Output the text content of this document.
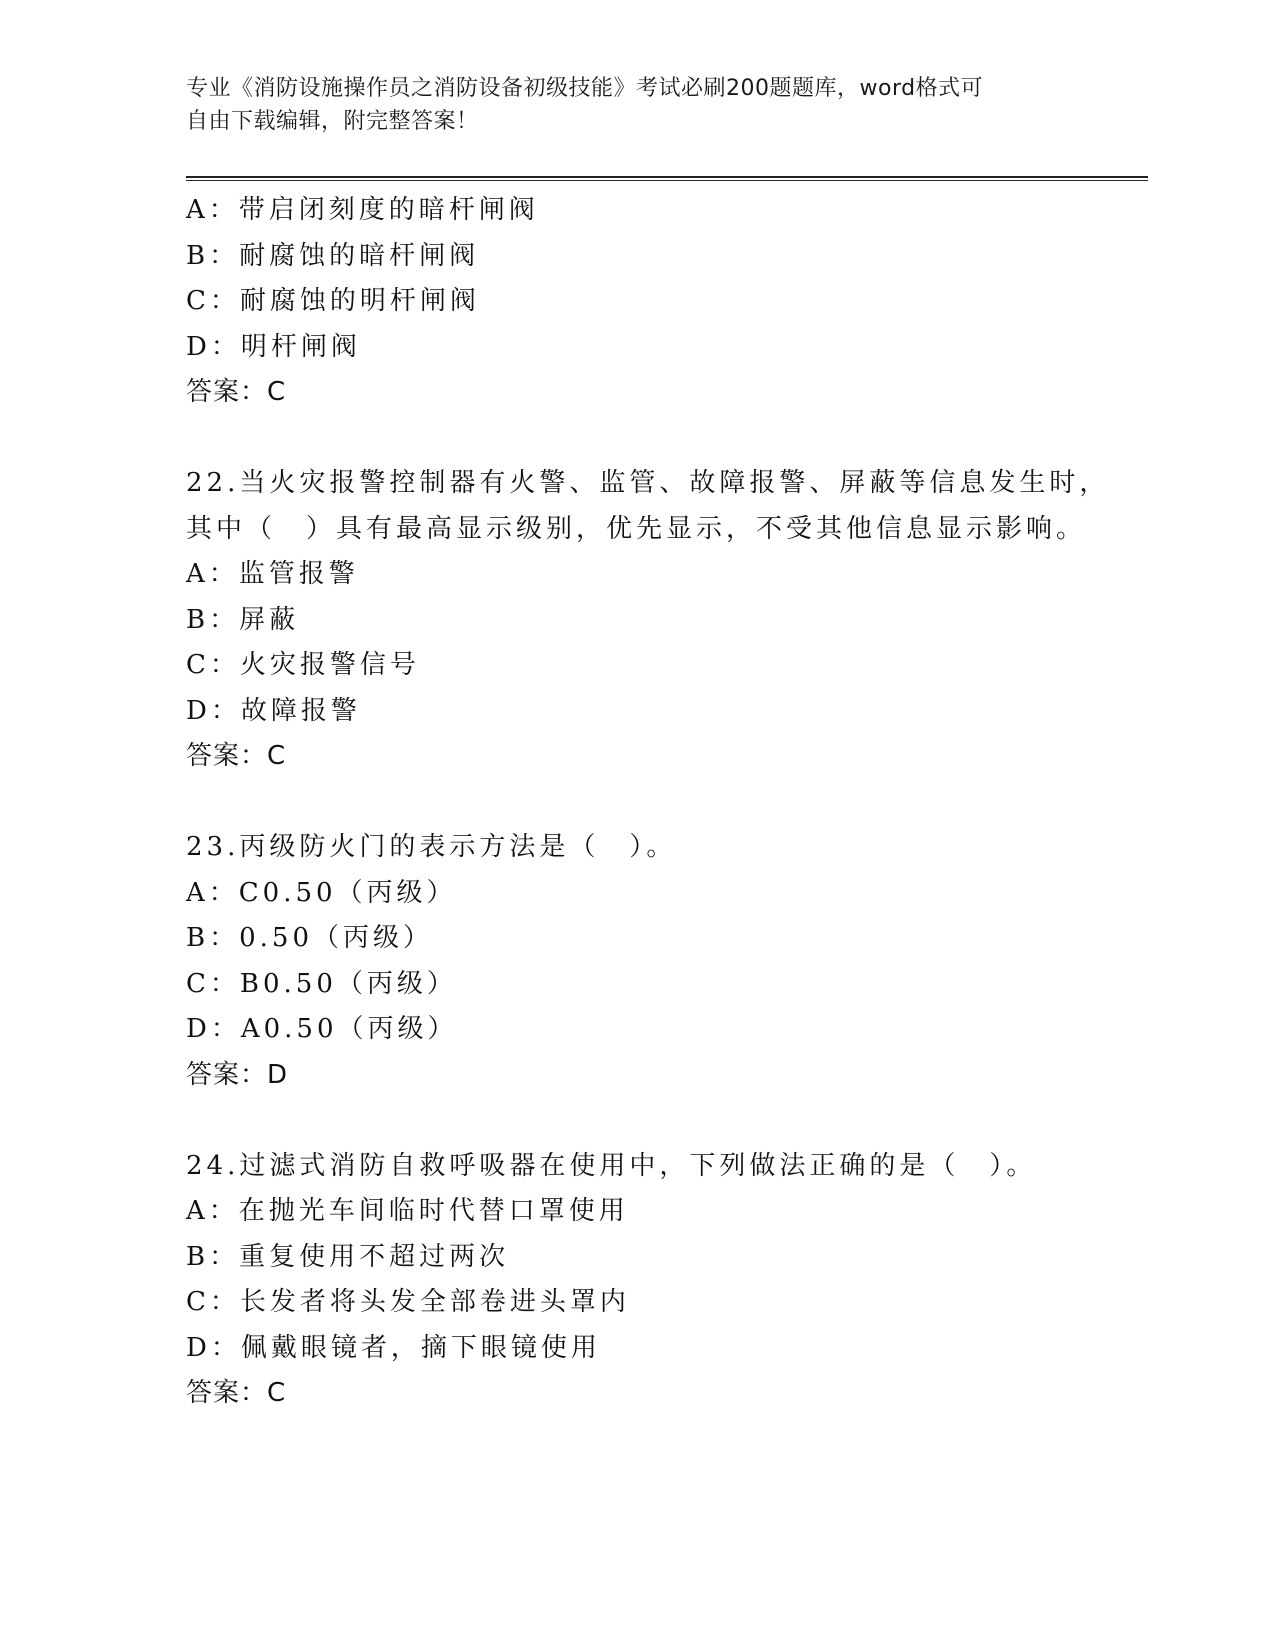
专业《消防设施操作员之消防设备初级技能》考试必刷200题题库，word格式可
自由下载编辑，附完整答案！
A：带启闭刻度的暗杆闸阀
B：耐腐蚀的暗杆闸阀
C：耐腐蚀的明杆闸阀
D：明杆闸阀
答案：C
22.当火灾报警控制器有火警、监管、故障报警、屏蔽等信息发生时，
其中（　）具有最高显示级别，优先显示，不受其他信息显示影响。
A：监管报警
B：屏蔽
C：火灾报警信号
D：故障报警
答案：C
23.丙级防火门的表示方法是（　）。
A：C0.50（丙级）
B：0.50（丙级）
C：B0.50（丙级）
D：A0.50（丙级）
答案：D
24.过滤式消防自救呼吸器在使用中，下列做法正确的是（　）。
A：在抛光车间临时代替口罩使用
B：重复使用不超过两次
C：长发者将头发全部卷进头罩内
D：佩戴眼镜者，摘下眼镜使用
答案：C
